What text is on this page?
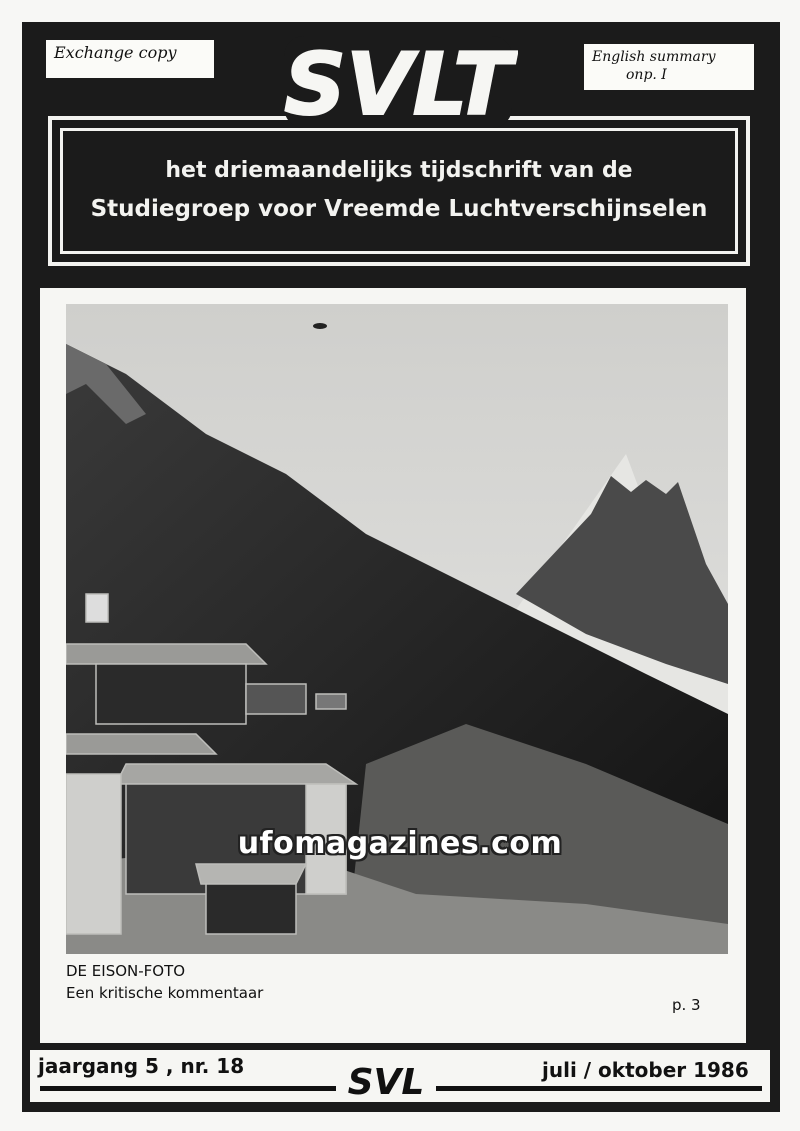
Exchange copy	English summary
onp. I
SVLT
het driemaandelijks tijdschrift van de
Studiegroep voor Vreemde Luchtverschijnselen
ufomagazines.com
DE EISON-FOTO
Een kritische kommentaar
p. 3
jaargang 5 , nr. 18	SVL	juli / oktober 1986
